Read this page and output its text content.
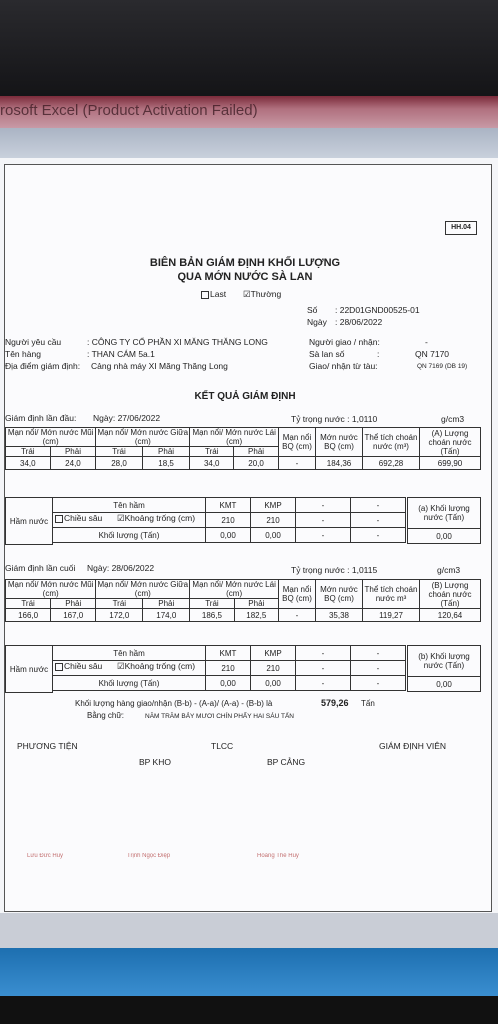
rosoft Excel (Product Activation Failed)
HH.04
BIÊN BẢN GIÁM ĐỊNH KHỐI LƯỢNG
QUA MỚN NƯỚC SÀ LAN
Last ☑Thường
Số : 22D01GND00525-01
Ngày : 28/06/2022
Người yêu cầu	: CÔNG TY CỔ PHẦN XI MĂNG THĂNG LONG
Tên hàng	: THAN CÁM 5a.1
Địa điểm giám định: Cảng nhà máy XI Măng Thăng Long
Người giao / nhận:	-
Sà lan số	:	QN 7170
Giao/ nhận từ tàu:	QN 7169 (DB 19)
KẾT QUẢ GIÁM ĐỊNH
Giám định lần đầu: Ngày: 27/06/2022	Tỷ trọng nước : 1,0110	g/cm3
Mạn nổi/ Mớn nước Mũi (cm)		Mạn nổi/ Mớn nước Giữa (cm)		Mạn nổi/ Mớn nước Lái (cm)		Mạn nổi BQ (cm)	Mớn nước BQ (cm)	Thể tích choán nước (m³)	(A) Lượng choán nước (Tấn)
Trái	Phải	Trái	Phải	Trái	Phải				
34,0	24,0	28,0	18,5	34,0	20,0	-	184,36	692,28	699,90
Hầm nước
Tên hầm	KMT	KMP	-	-
Chiều sâu ☑Khoảng trống (cm)	210	210	-	-
Khối lượng (Tấn)	0,00	0,00	-	-
(a) Khối lượng nước (Tấn)
0,00
Giám định lần cuối Ngày: 28/06/2022	Tỷ trọng nước : 1,0115	g/cm3
Mạn nổi/ Mớn nước Mũi (cm)		Mạn nổi/ Mớn nước Giữa (cm)		Mạn nổi/ Mớn nước Lái (cm)		Mạn nổi BQ (cm)	Mớn nước BQ (cm)	Thể tích choán nước m³	(B) Lượng choán nước (Tấn)
Trái	Phải	Trái	Phải	Trái	Phải				
166,0	167,0	172,0	174,0	186,5	182,5	-	35,38	119,27	120,64
Hầm nước
Tên hầm	KMT	KMP	-	-
Chiều sâu ☑Khoảng trống (cm)	210	210	-	-
Khối lượng (Tấn)	0,00	0,00	-	-
(b) Khối lượng nước (Tấn)
0,00
Khối lượng hàng giao/nhận (B-b) - (A-a)/ (A-a) - (B-b) là	579,26 Tấn
Bằng chữ:	NĂM TRĂM BẢY MƯƠI CHÍN PHẨY HAI SÁU TẤN
PHƯƠNG TIỆN	TLCC	GIÁM ĐỊNH VIÊN
BP KHO	BP CẢNG
Lưu Đức Huy	Trịnh Ngọc Điệp	Hoàng Thế Huy
